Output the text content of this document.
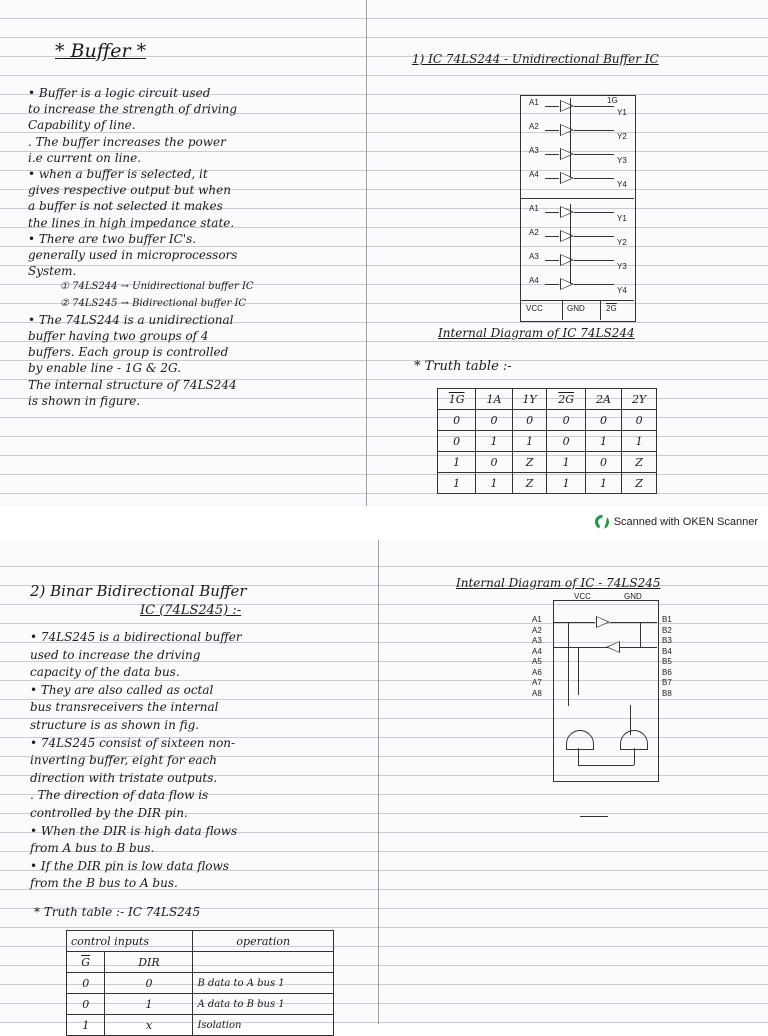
* Buffer *
• Buffer is a logic circuit used
to increase the strength of driving
Capability of line.
. The buffer increases the power
i.e current on line.
• when a buffer is selected, it
gives respective output but when
a buffer is not selected it makes
the lines in high impedance state.
• There are two buffer IC's.
generally used in microprocessors
System.
① 74LS244 → Unidirectional buffer IC
② 74LS245 → Bidirectional buffer IC
• The 74LS244 is a unidirectional
buffer having two groups of 4
buffers. Each group is controlled
by enable line - 1G & 2G.
The internal structure of 74LS244
is shown in figure.
1) IC 74LS244 - Unidirectional Buffer IC
VCC	GND	2G
1G
Internal Diagram of IC 74LS244
* Truth table :-
1G	1A	1Y	2G	2A	2Y
0	0	0	0	0	0
0	1	1	0	1	1
1	0	Z	1	0	Z
1	1	Z	1	1	Z
A1
Y1
A2
Y2
A3
Y3
A4
Y4
A1
Y1
A2
Y2
A3
Y3
A4
Y4
Scanned with OKEN Scanner
2) Binar Bidirectional Buffer
IC (74LS245) :-
• 74LS245 is a bidirectional buffer
used to increase the driving
capacity of the data bus.
• They are also called as octal
bus transreceivers the internal
structure is as shown in fig.
• 74LS245 consist of sixteen non-
inverting buffer, eight for each
direction with tristate outputs.
. The direction of data flow is
controlled by the DIR pin.
• When the DIR is high data flows
from A bus to B bus.
• If the DIR pin is low data flows
from the B bus to A bus.
* Truth table :- IC 74LS245
control inputs		operation
$\overline{G}$	DIR	
0	0	B data to A bus 1
0	1	A data to B bus 1
1	x	Isolation
Internal Diagram of IC - 74LS245
VCC	GND
A1	B1
A2	B2
A3	B3
A4	B4
A5	B5
A6	B6
A7	B7
A8	B8
